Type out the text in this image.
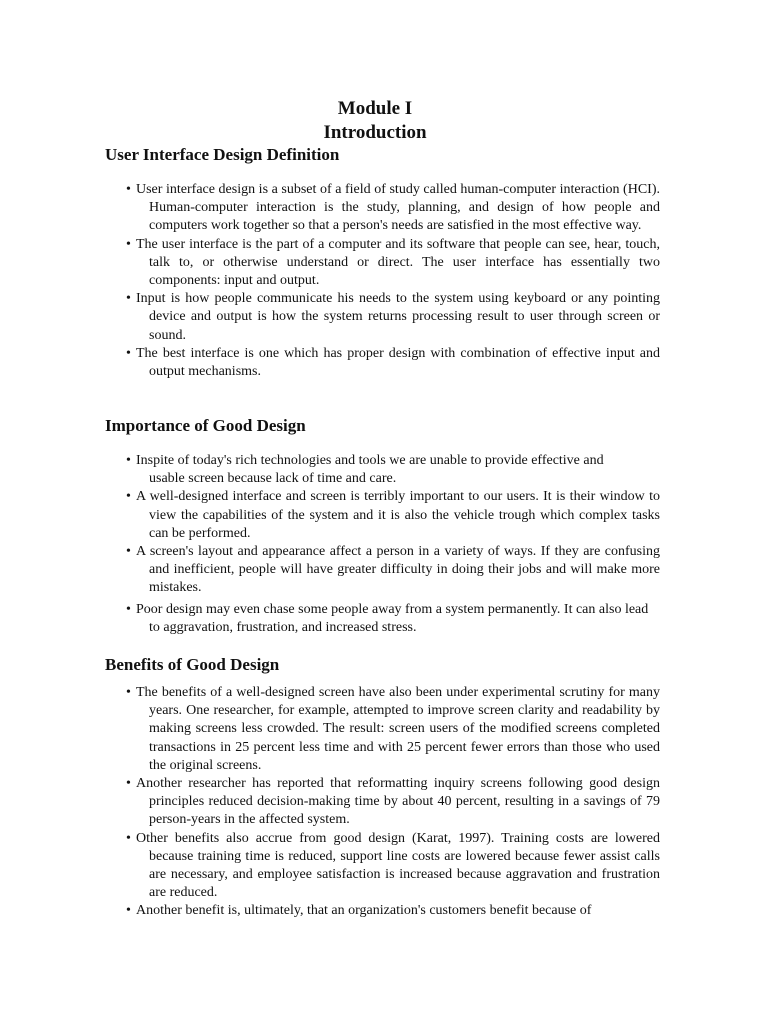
Module I
Introduction
User Interface Design Definition
• User interface design is a subset of a field of study called human-computer interaction (HCI). Human-computer interaction is the study, planning, and design of how people and computers work together so that a person's needs are satisfied in the most effective way.
• The user interface is the part of a computer and its software that people can see, hear, touch, talk to, or otherwise understand or direct. The user interface has essentially two components: input and output.
• Input is how people communicate his needs to the system using keyboard or any pointing device and output is how the system returns processing result to user through screen or sound.
• The best interface is one which has proper design with combination of effective input and output mechanisms.
Importance of Good Design
• Inspite of today's rich technologies and tools we are unable to provide effective and usable screen because lack of time and care.
• A well-designed interface and screen is terribly important to our users. It is their window to view the capabilities of the system and it is also the vehicle trough which complex tasks can be performed.
• A screen's layout and appearance affect a person in a variety of ways. If they are confusing and inefficient, people will have greater difficulty in doing their jobs and will make more mistakes.
• Poor design may even chase some people away from a system permanently. It can also lead to aggravation, frustration, and increased stress.
Benefits of Good Design
• The benefits of a well-designed screen have also been under experimental scrutiny for many years. One researcher, for example, attempted to improve screen clarity and readability by making screens less crowded. The result: screen users of the modified screens completed transactions in 25 percent less time and with 25 percent fewer errors than those who used the original screens.
• Another researcher has reported that reformatting inquiry screens following good design principles reduced decision-making time by about 40 percent, resulting in a savings of 79 person-years in the affected system.
• Other benefits also accrue from good design (Karat, 1997). Training costs are lowered because training time is reduced, support line costs are lowered because fewer assist calls are necessary, and employee satisfaction is increased because aggravation and frustration are reduced.
• Another benefit is, ultimately, that an organization's customers benefit because of
